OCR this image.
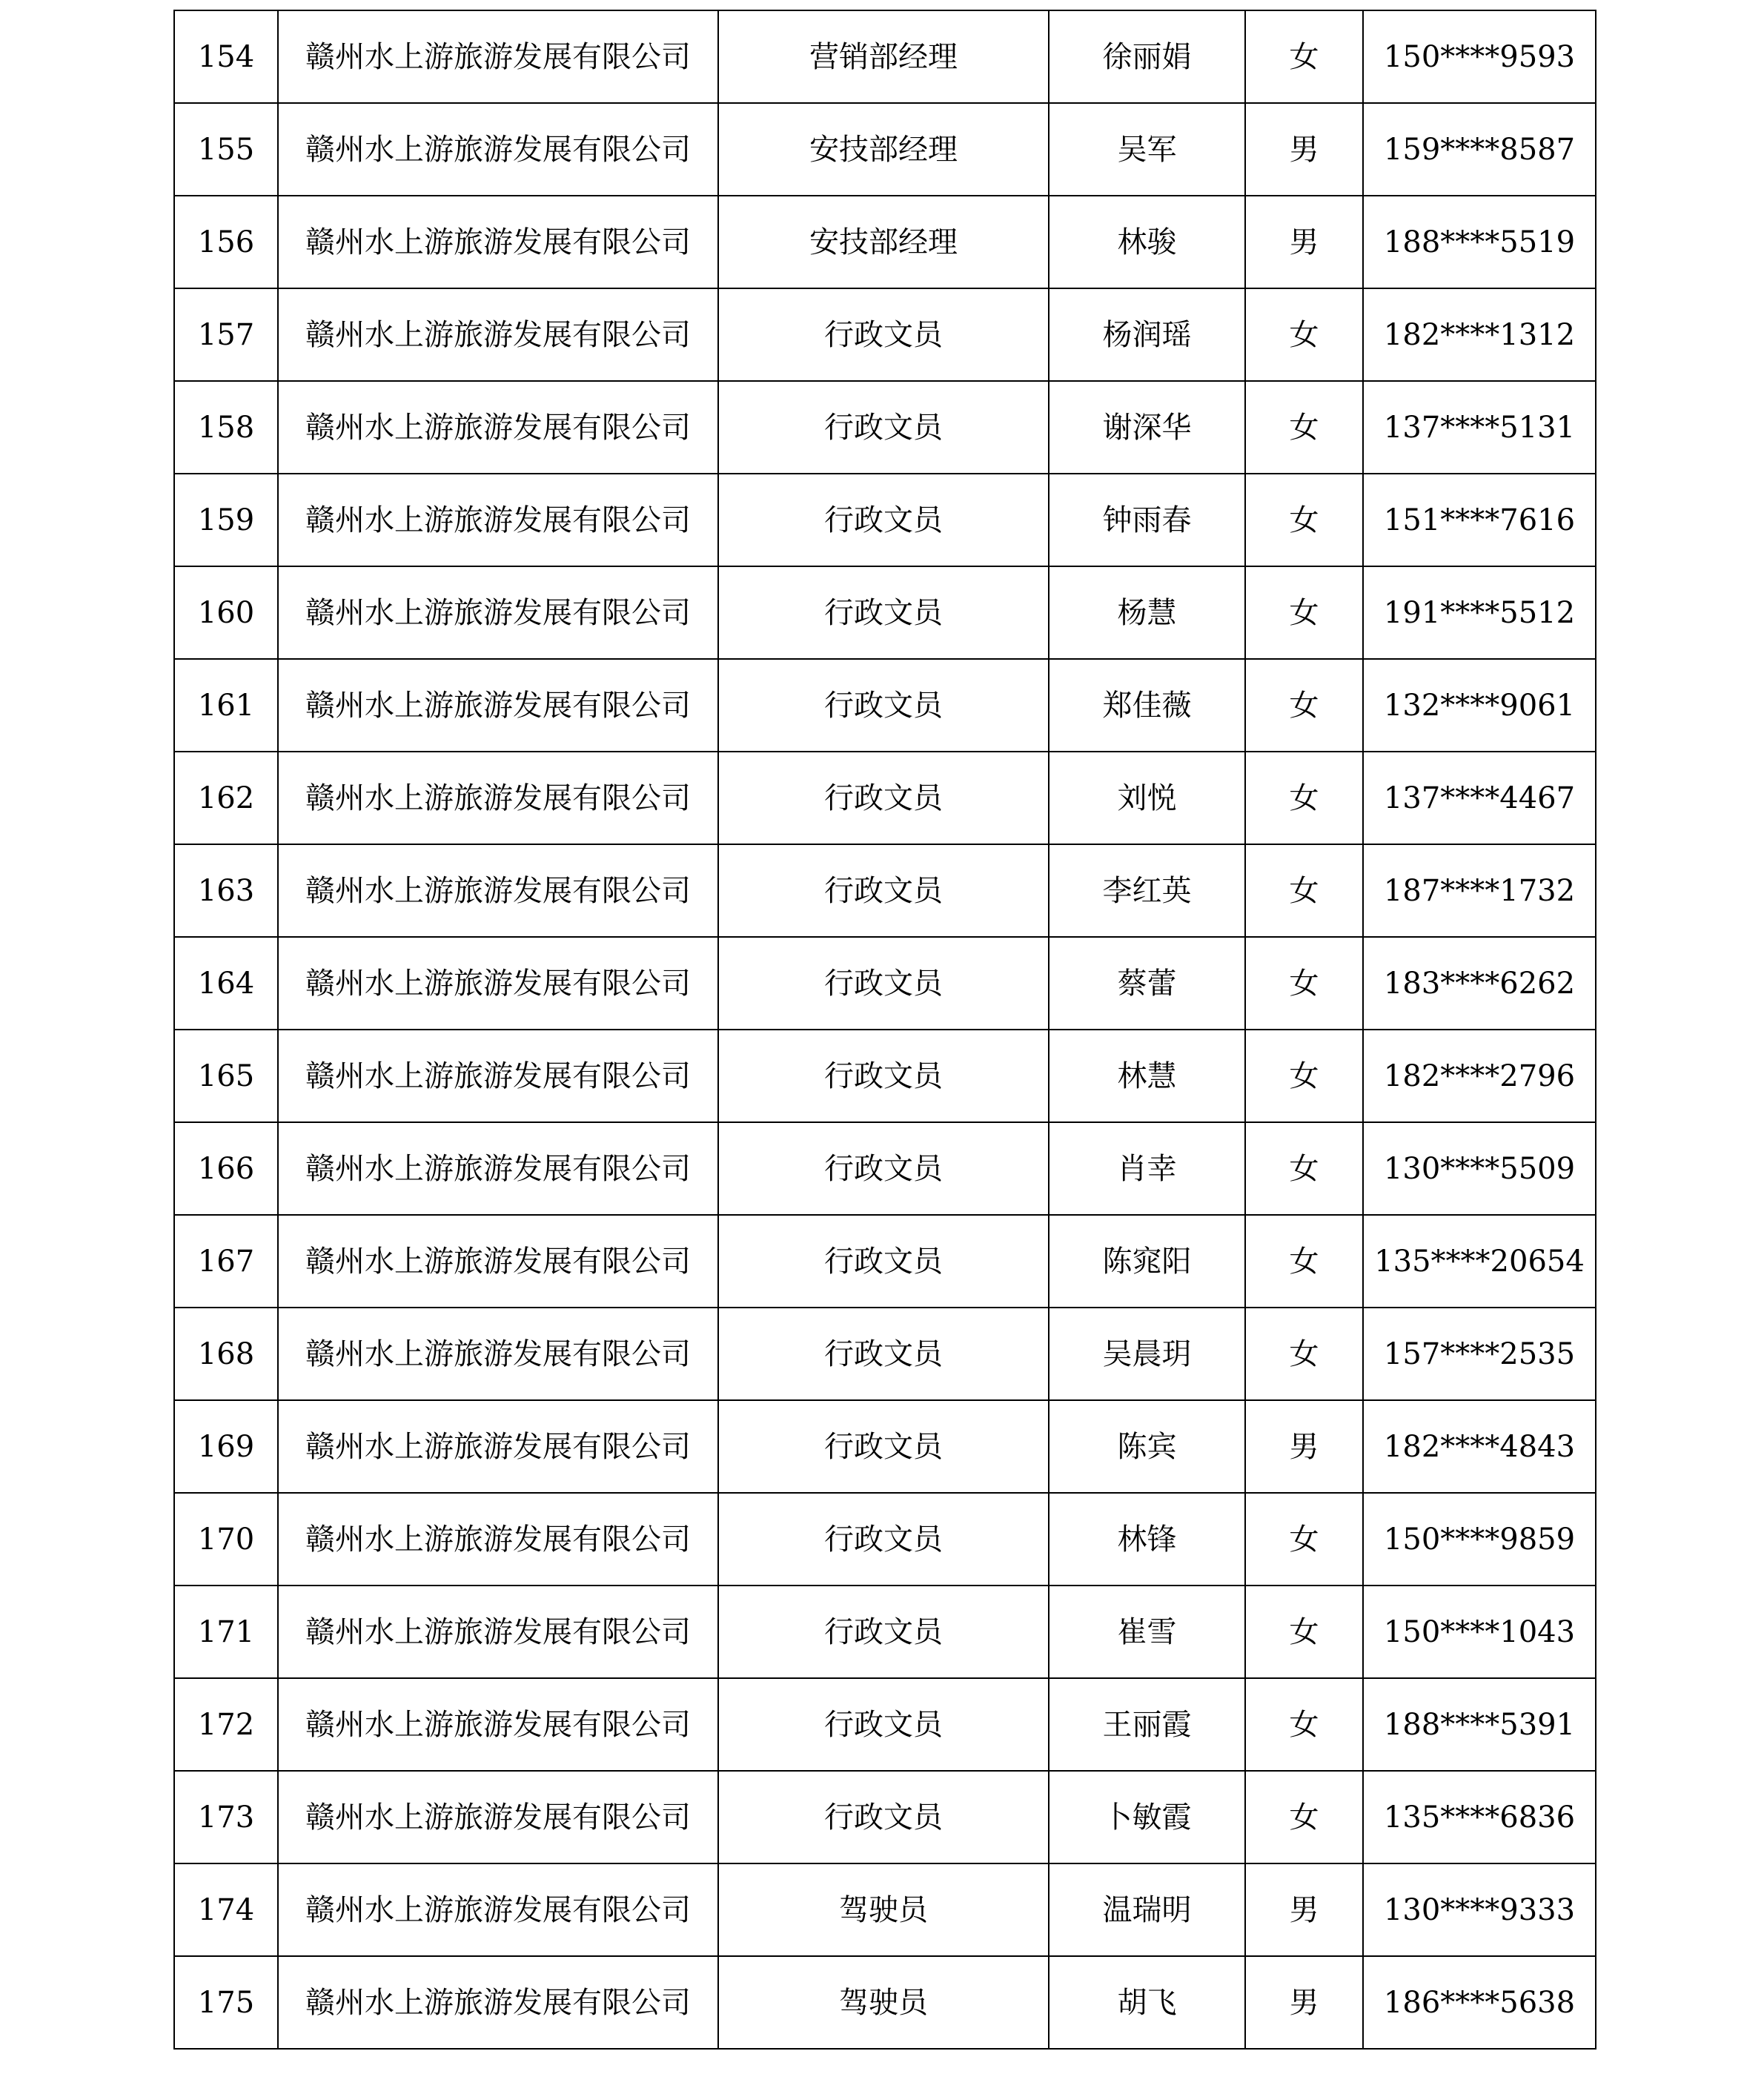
154	赣州水上游旅游发展有限公司	营销部经理	徐丽娟	女	150****9593
155	赣州水上游旅游发展有限公司	安技部经理	吴军	男	159****8587
156	赣州水上游旅游发展有限公司	安技部经理	林骏	男	188****5519
157	赣州水上游旅游发展有限公司	行政文员	杨润瑶	女	182****1312
158	赣州水上游旅游发展有限公司	行政文员	谢深华	女	137****5131
159	赣州水上游旅游发展有限公司	行政文员	钟雨春	女	151****7616
160	赣州水上游旅游发展有限公司	行政文员	杨慧	女	191****5512
161	赣州水上游旅游发展有限公司	行政文员	郑佳薇	女	132****9061
162	赣州水上游旅游发展有限公司	行政文员	刘悦	女	137****4467
163	赣州水上游旅游发展有限公司	行政文员	李红英	女	187****1732
164	赣州水上游旅游发展有限公司	行政文员	蔡蕾	女	183****6262
165	赣州水上游旅游发展有限公司	行政文员	林慧	女	182****2796
166	赣州水上游旅游发展有限公司	行政文员	肖幸	女	130****5509
167	赣州水上游旅游发展有限公司	行政文员	陈窕阳	女	135****20654
168	赣州水上游旅游发展有限公司	行政文员	吴晨玥	女	157****2535
169	赣州水上游旅游发展有限公司	行政文员	陈宾	男	182****4843
170	赣州水上游旅游发展有限公司	行政文员	林锋	女	150****9859
171	赣州水上游旅游发展有限公司	行政文员	崔雪	女	150****1043
172	赣州水上游旅游发展有限公司	行政文员	王丽霞	女	188****5391
173	赣州水上游旅游发展有限公司	行政文员	卜敏霞	女	135****6836
174	赣州水上游旅游发展有限公司	驾驶员	温瑞明	男	130****9333
175	赣州水上游旅游发展有限公司	驾驶员	胡飞	男	186****5638
